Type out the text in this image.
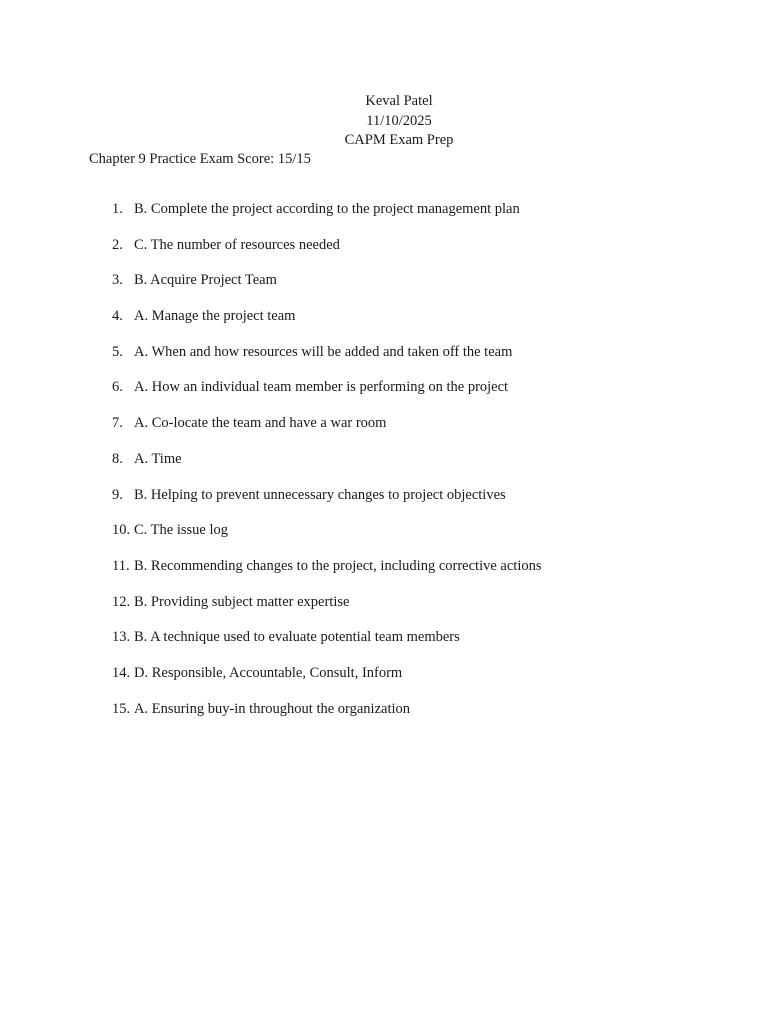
Keval Patel
11/10/2025
CAPM Exam Prep
Chapter 9 Practice Exam Score: 15/15
1. B. Complete the project according to the project management plan
2. C. The number of resources needed
3. B. Acquire Project Team
4. A. Manage the project team
5. A. When and how resources will be added and taken off the team
6. A. How an individual team member is performing on the project
7. A. Co-locate the team and have a war room
8. A. Time
9. B. Helping to prevent unnecessary changes to project objectives
10. C. The issue log
11. B. Recommending changes to the project, including corrective actions
12. B. Providing subject matter expertise
13. B. A technique used to evaluate potential team members
14. D. Responsible, Accountable, Consult, Inform
15. A. Ensuring buy-in throughout the organization
